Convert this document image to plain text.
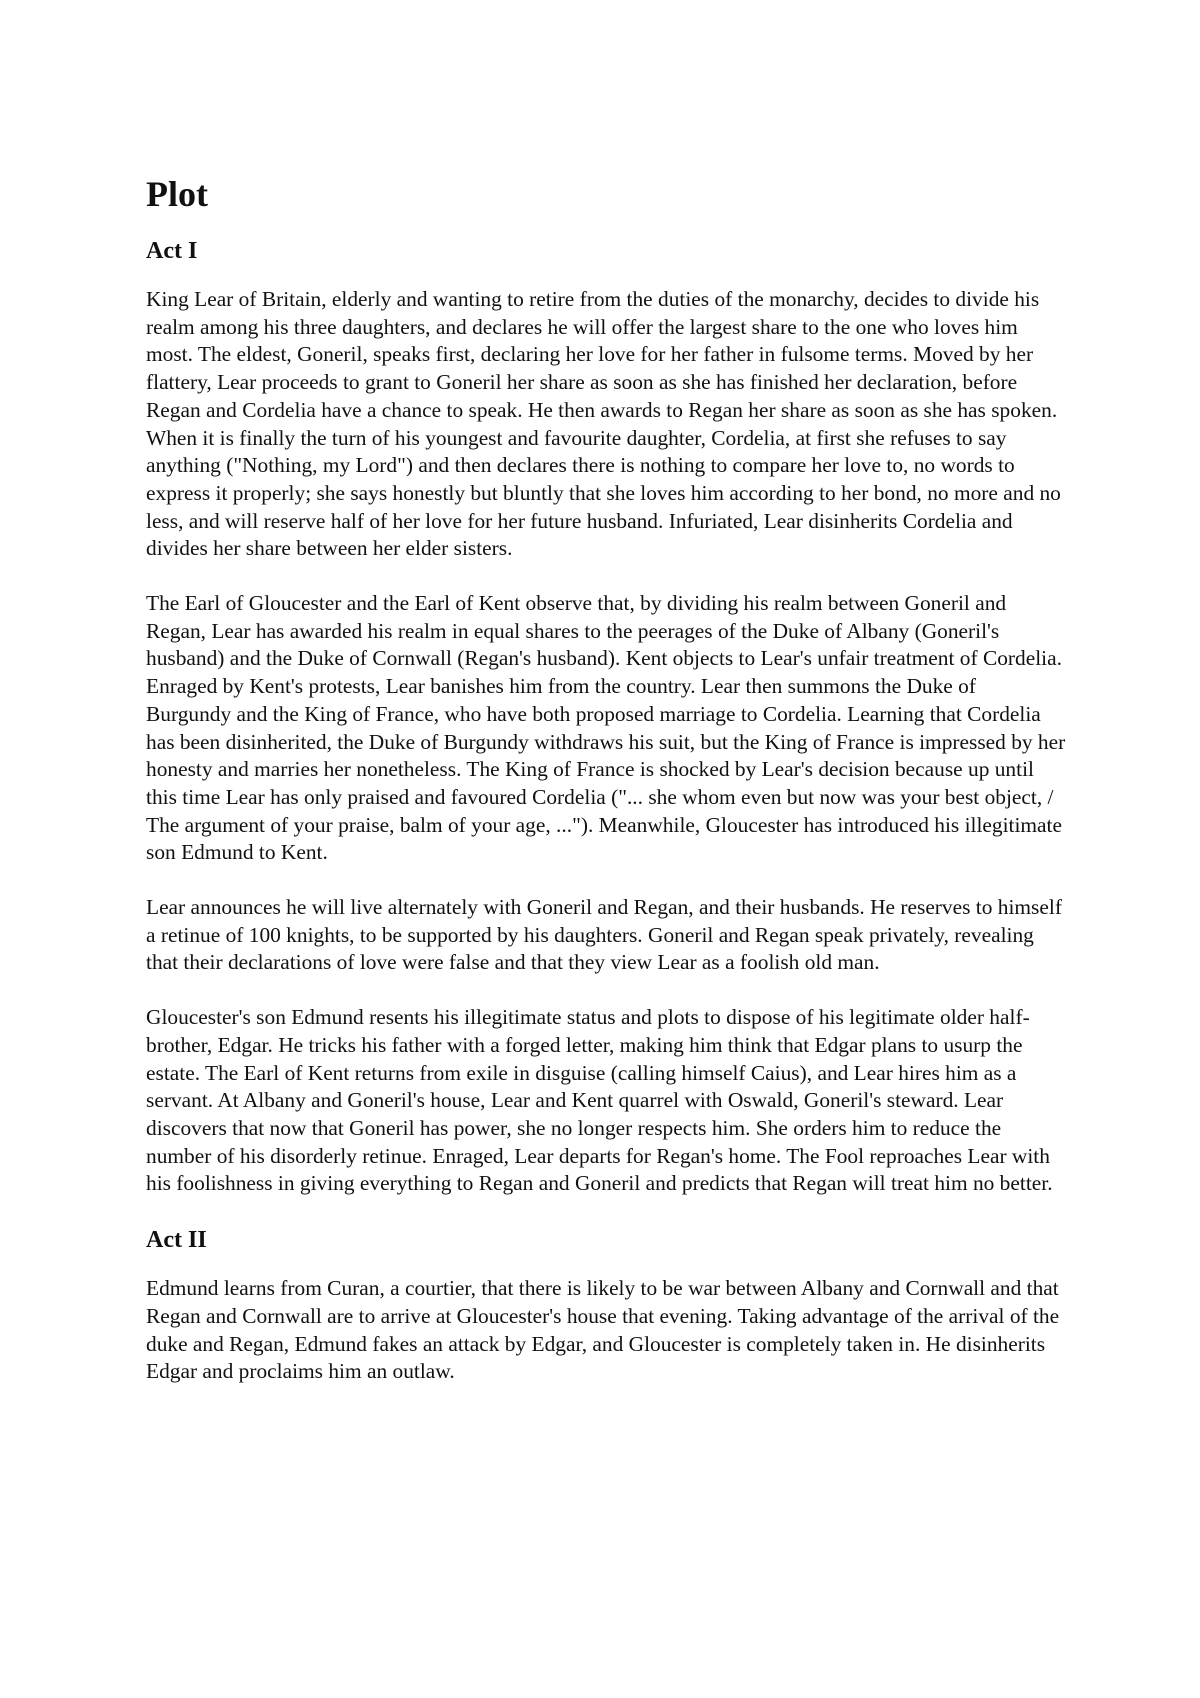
Plot
Act I

King Lear of Britain, elderly and wanting to retire from the duties of the monarchy, decides to divide his realm among his three daughters, and declares he will offer the largest share to the one who loves him most. The eldest, Goneril, speaks first, declaring her love for her father in fulsome terms. Moved by her flattery, Lear proceeds to grant to Goneril her share as soon as she has finished her declaration, before Regan and Cordelia have a chance to speak. He then awards to Regan her share as soon as she has spoken. When it is finally the turn of his youngest and favourite daughter, Cordelia, at first she refuses to say anything ("Nothing, my Lord") and then declares there is nothing to compare her love to, no words to express it properly; she says honestly but bluntly that she loves him according to her bond, no more and no less, and will reserve half of her love for her future husband. Infuriated, Lear disinherits Cordelia and divides her share between her elder sisters.

The Earl of Gloucester and the Earl of Kent observe that, by dividing his realm between Goneril and Regan, Lear has awarded his realm in equal shares to the peerages of the Duke of Albany (Goneril's husband) and the Duke of Cornwall (Regan's husband). Kent objects to Lear's unfair treatment of Cordelia. Enraged by Kent's protests, Lear banishes him from the country. Lear then summons the Duke of Burgundy and the King of France, who have both proposed marriage to Cordelia. Learning that Cordelia has been disinherited, the Duke of Burgundy withdraws his suit, but the King of France is impressed by her honesty and marries her nonetheless. The King of France is shocked by Lear's decision because up until this time Lear has only praised and favoured Cordelia ("... she whom even but now was your best object, / The argument of your praise, balm of your age, ..."). Meanwhile, Gloucester has introduced his illegitimate son Edmund to Kent.

Lear announces he will live alternately with Goneril and Regan, and their husbands. He reserves to himself a retinue of 100 knights, to be supported by his daughters. Goneril and Regan speak privately, revealing that their declarations of love were false and that they view Lear as a foolish old man.

Gloucester's son Edmund resents his illegitimate status and plots to dispose of his legitimate older half-brother, Edgar. He tricks his father with a forged letter, making him think that Edgar plans to usurp the estate. The Earl of Kent returns from exile in disguise (calling himself Caius), and Lear hires him as a servant. At Albany and Goneril's house, Lear and Kent quarrel with Oswald, Goneril's steward. Lear discovers that now that Goneril has power, she no longer respects him. She orders him to reduce the number of his disorderly retinue. Enraged, Lear departs for Regan's home. The Fool reproaches Lear with his foolishness in giving everything to Regan and Goneril and predicts that Regan will treat him no better.

Act II

Edmund learns from Curan, a courtier, that there is likely to be war between Albany and Cornwall and that Regan and Cornwall are to arrive at Gloucester's house that evening. Taking advantage of the arrival of the duke and Regan, Edmund fakes an attack by Edgar, and Gloucester is completely taken in. He disinherits Edgar and proclaims him an outlaw.
